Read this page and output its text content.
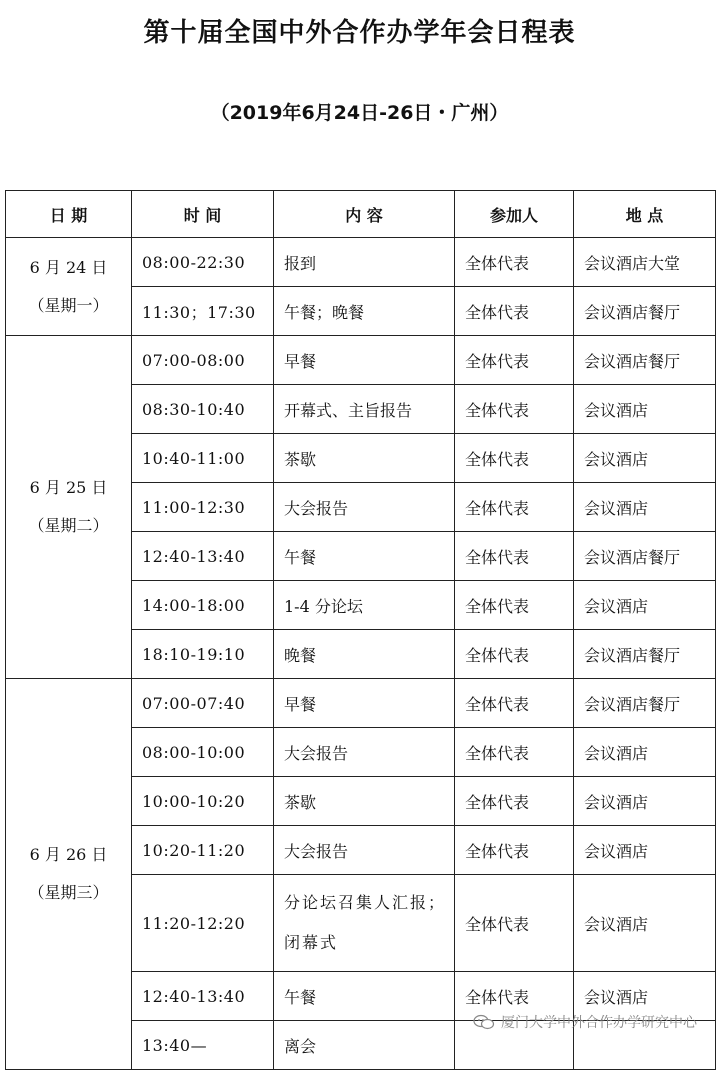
第十届全国中外合作办学年会日程表
（2019年6月24日-26日・广州）
日 期	时 间	内 容	参加人	地 点

6 月 24 日
（星期一）	08:00-22:30	报到	全体代表	会议酒店大堂
	11:30；17:30	午餐；晚餐	全体代表	会议酒店餐厅

6 月 25 日
（星期二）	07:00-08:00	早餐	全体代表	会议酒店餐厅
	08:30-10:40	开幕式、主旨报告	全体代表	会议酒店
	10:40-11:00	茶歇	全体代表	会议酒店
	11:00-12:30	大会报告	全体代表	会议酒店
	12:40-13:40	午餐	全体代表	会议酒店餐厅
	14:00-18:00	1-4 分论坛	全体代表	会议酒店
	18:10-19:10	晚餐	全体代表	会议酒店餐厅

6 月 26 日
（星期三）	07:00-07:40	早餐	全体代表	会议酒店餐厅
	08:00-10:00	大会报告	全体代表	会议酒店
	10:00-10:20	茶歇	全体代表	会议酒店
	10:20-11:20	大会报告	全体代表	会议酒店
	11:20-12:20	分论坛召集人汇报；闭幕式	全体代表	会议酒店
	12:40-13:40	午餐	全体代表	会议酒店
	13:40—	离会		
厦门大学中外合作办学研究中心
